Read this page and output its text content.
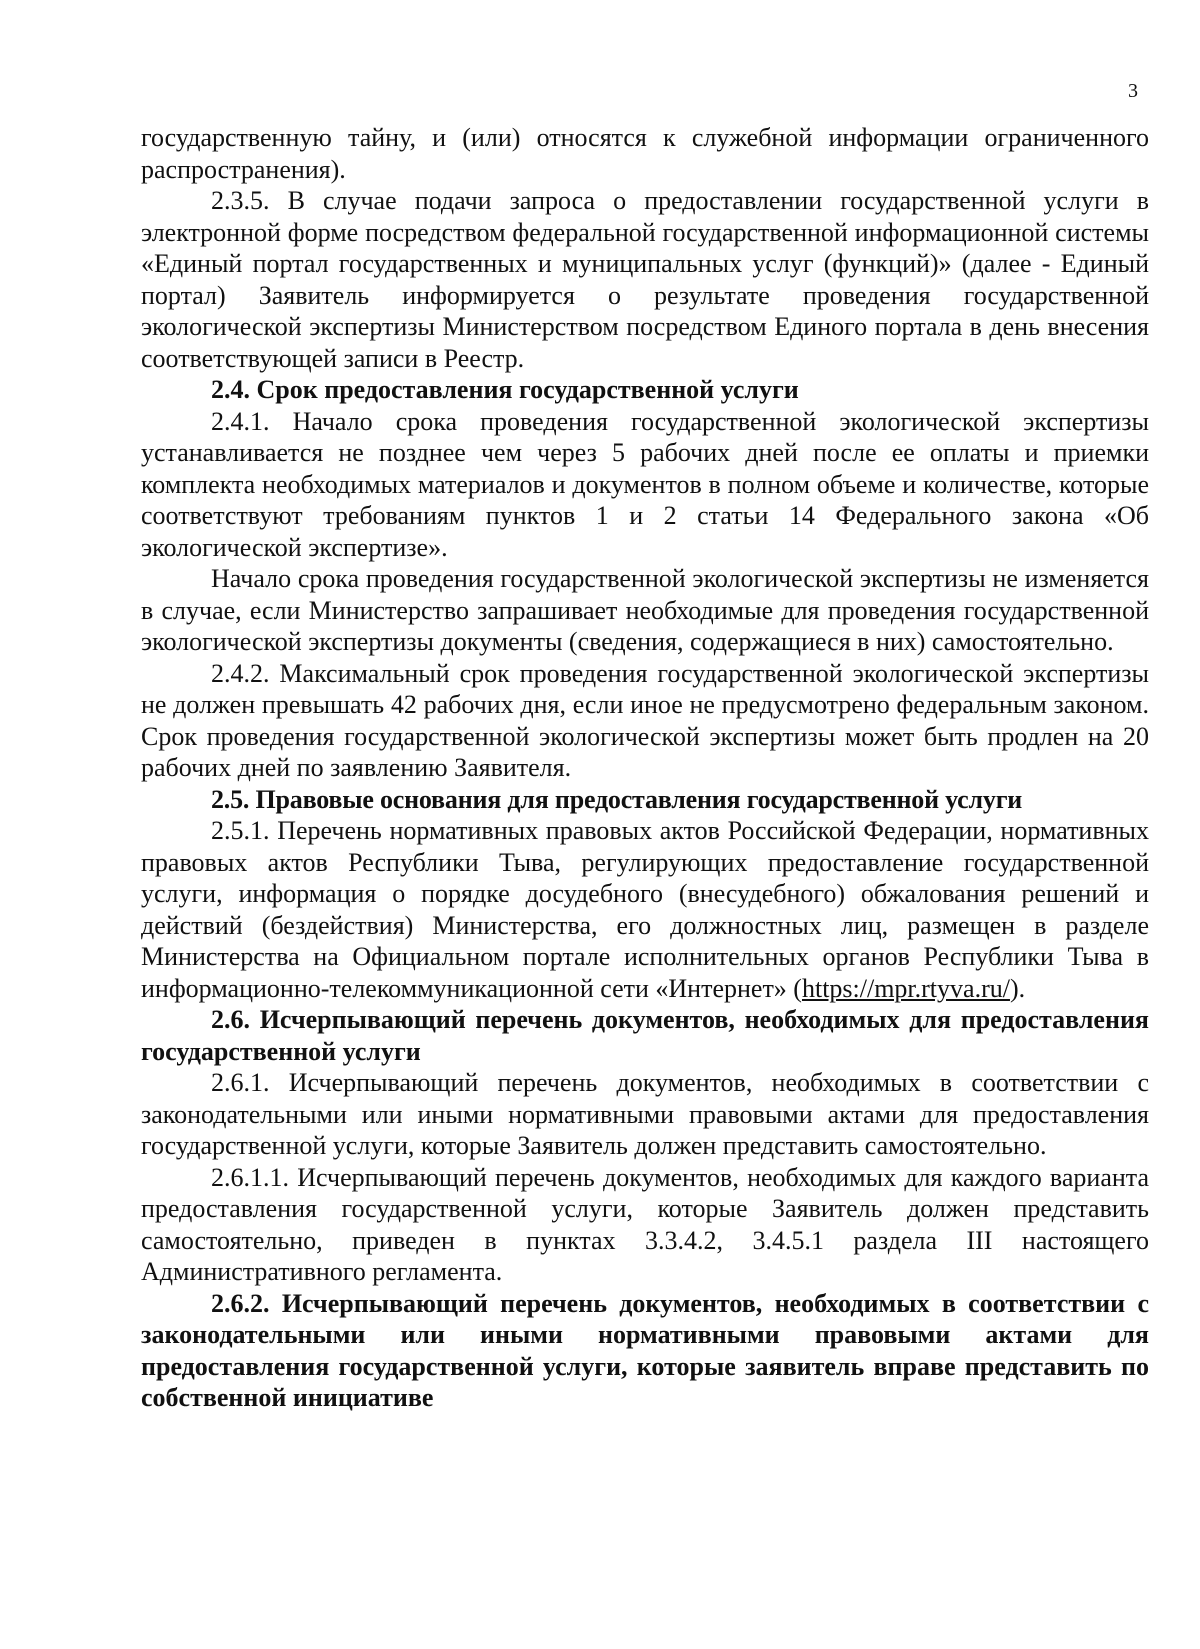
3

государственную тайну, и (или) относятся к служебной информации ограниченного распространения).

2.3.5. В случае подачи запроса о предоставлении государственной услуги в электронной форме посредством федеральной государственной информационной системы «Единый портал государственных и муниципальных услуг (функций)» (далее - Единый портал) Заявитель информируется о результате проведения государственной экологической экспертизы Министерством посредством Единого портала в день внесения соответствующей записи в Реестр.

2.4. Срок предоставления государственной услуги

2.4.1. Начало срока проведения государственной экологической экспертизы устанавливается не позднее чем через 5 рабочих дней после ее оплаты и приемки комплекта необходимых материалов и документов в полном объеме и количестве, которые соответствуют требованиям пунктов 1 и 2 статьи 14 Федерального закона «Об экологической экспертизе».

Начало срока проведения государственной экологической экспертизы не изменяется в случае, если Министерство запрашивает необходимые для проведения государственной экологической экспертизы документы (сведения, содержащиеся в них) самостоятельно.

2.4.2. Максимальный срок проведения государственной экологической экспертизы не должен превышать 42 рабочих дня, если иное не предусмотрено федеральным законом. Срок проведения государственной экологической экспертизы может быть продлен на 20 рабочих дней по заявлению Заявителя.

2.5. Правовые основания для предоставления государственной услуги

2.5.1. Перечень нормативных правовых актов Российской Федерации, нормативных правовых актов Республики Тыва, регулирующих предоставление государственной услуги, информация о порядке досудебного (внесудебного) обжалования решений и действий (бездействия) Министерства, его должностных лиц, размещен в разделе Министерства на Официальном портале исполнительных органов Республики Тыва в информационно-телекоммуникационной сети «Интернет» (https://mpr.rtyva.ru/).

2.6. Исчерпывающий перечень документов, необходимых для предоставления государственной услуги

2.6.1. Исчерпывающий перечень документов, необходимых в соответствии с законодательными или иными нормативными правовыми актами для предоставления государственной услуги, которые Заявитель должен представить самостоятельно.

2.6.1.1. Исчерпывающий перечень документов, необходимых для каждого варианта предоставления государственной услуги, которые Заявитель должен представить самостоятельно, приведен в пунктах 3.3.4.2, 3.4.5.1 раздела III настоящего Административного регламента.

2.6.2. Исчерпывающий перечень документов, необходимых в соответствии с законодательными или иными нормативными правовыми актами для предоставления государственной услуги, которые заявитель вправе представить по собственной инициативе
